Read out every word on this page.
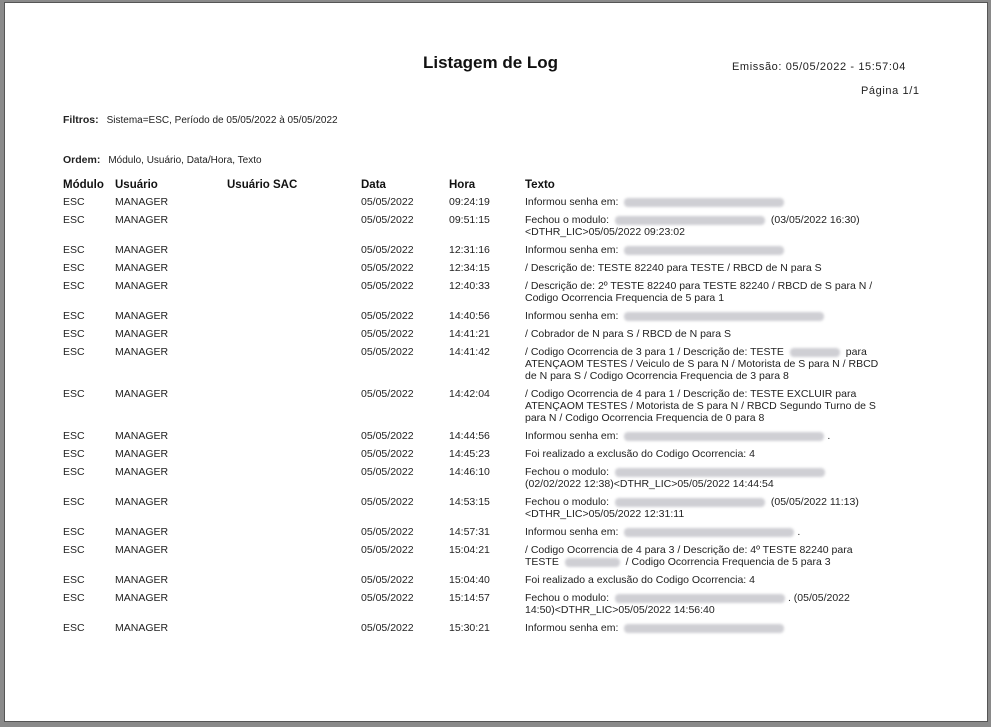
Listagem de Log	Emissão: 05/05/2022 - 15:57:04
Página 1/1
Filtros: Sistema=ESC, Período de 05/05/2022 à 05/05/2022
Ordem: Módulo, Usuário, Data/Hora, Texto
Módulo	Usuário	Usuário SAC	Data	Hora	Texto
ESC	MANAGER		05/05/2022	09:24:19	Informou senha em:
ESC	MANAGER		05/05/2022	09:51:15	Fechou o modulo: (03/05/2022 16:30)<DTHR_LIC>05/05/2022 09:23:02
ESC	MANAGER		05/05/2022	12:31:16	Informou senha em:
ESC	MANAGER		05/05/2022	12:34:15	/ Descrição de: TESTE 82240 para TESTE / RBCD de N para S
ESC	MANAGER		05/05/2022	12:40:33	/ Descrição de: 2º TESTE 82240 para TESTE 82240 / RBCD de S para N / Codigo Ocorrencia Frequencia de 5 para 1
ESC	MANAGER		05/05/2022	14:40:56	Informou senha em:
ESC	MANAGER		05/05/2022	14:41:21	/ Cobrador de N para S / RBCD de N para S
ESC	MANAGER		05/05/2022	14:41:42	/ Codigo Ocorrencia de 3 para 1 / Descrição de: TESTE para ATENÇAOM TESTES / Veiculo de S para N / Motorista de S para N / RBCD de N para S / Codigo Ocorrencia Frequencia de 3 para 8
ESC	MANAGER		05/05/2022	14:42:04	/ Codigo Ocorrencia de 4 para 1 / Descrição de: TESTE EXCLUIR para ATENÇAOM TESTES / Motorista de S para N / RBCD Segundo Turno de S para N / Codigo Ocorrencia Frequencia de 0 para 8
ESC	MANAGER		05/05/2022	14:44:56	Informou senha em: .
ESC	MANAGER		05/05/2022	14:45:23	Foi realizado a exclusão do Codigo Ocorrencia: 4
ESC	MANAGER		05/05/2022	14:46:10	Fechou o modulo:  (02/02/2022 12:38)<DTHR_LIC>05/05/2022 14:44:54
ESC	MANAGER		05/05/2022	14:53:15	Fechou o modulo: (05/05/2022 11:13)<DTHR_LIC>05/05/2022 12:31:11
ESC	MANAGER		05/05/2022	14:57:31	Informou senha em: .
ESC	MANAGER		05/05/2022	15:04:21	/ Codigo Ocorrencia de 4 para 3 / Descrição de: 4º TESTE 82240 para TESTE / Codigo Ocorrencia Frequencia de 5 para 3
ESC	MANAGER		05/05/2022	15:04:40	Foi realizado a exclusão do Codigo Ocorrencia: 4
ESC	MANAGER		05/05/2022	15:14:57	Fechou o modulo: . (05/05/2022 14:50)<DTHR_LIC>05/05/2022 14:56:40
ESC	MANAGER		05/05/2022	15:30:21	Informou senha em:
